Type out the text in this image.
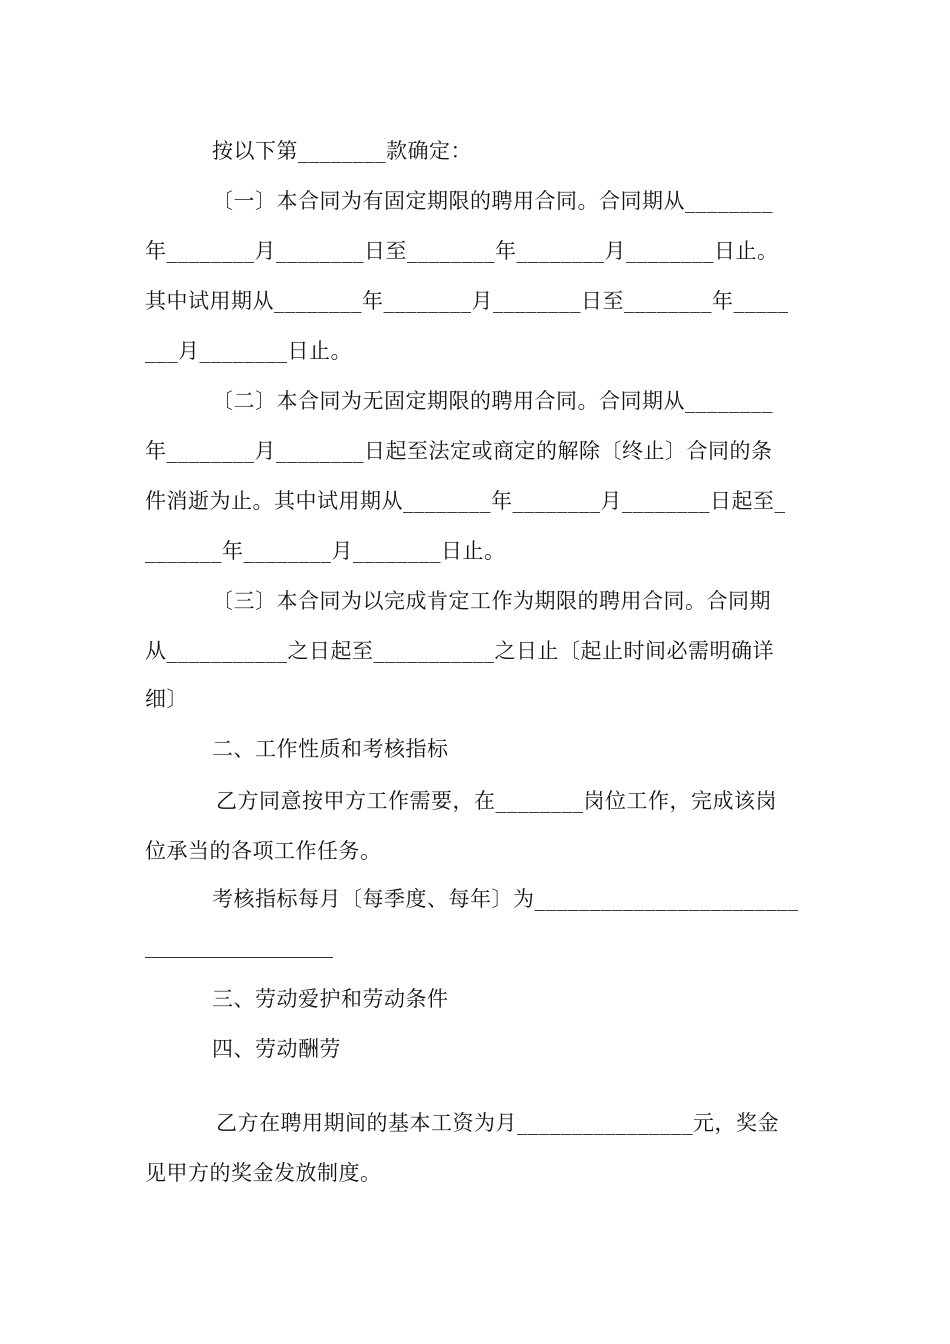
按以下第________款确定：
〔一〕本合同为有固定期限的聘用合同。合同期从________
年________月________日至________年________月________日止。
其中试用期从________年________月________日至________年_____
___月________日止。
〔二〕本合同为无固定期限的聘用合同。合同期从________
年________月________日起至法定或商定的解除〔终止〕合同的条
件消逝为止。其中试用期从________年________月________日起至_
_______年________月________日止。
〔三〕本合同为以完成肯定工作为期限的聘用合同。合同期
从___________之日起至___________之日止〔起止时间必需明确详
细〕
二、工作性质和考核指标
乙方同意按甲方工作需要，在________岗位工作，完成该岗
位承当的各项工作任务。
考核指标每月〔每季度、每年〕为________________________
三、劳动爱护和劳动条件
四、劳动酬劳
乙方在聘用期间的基本工资为月________________元，奖金
见甲方的奖金发放制度。
